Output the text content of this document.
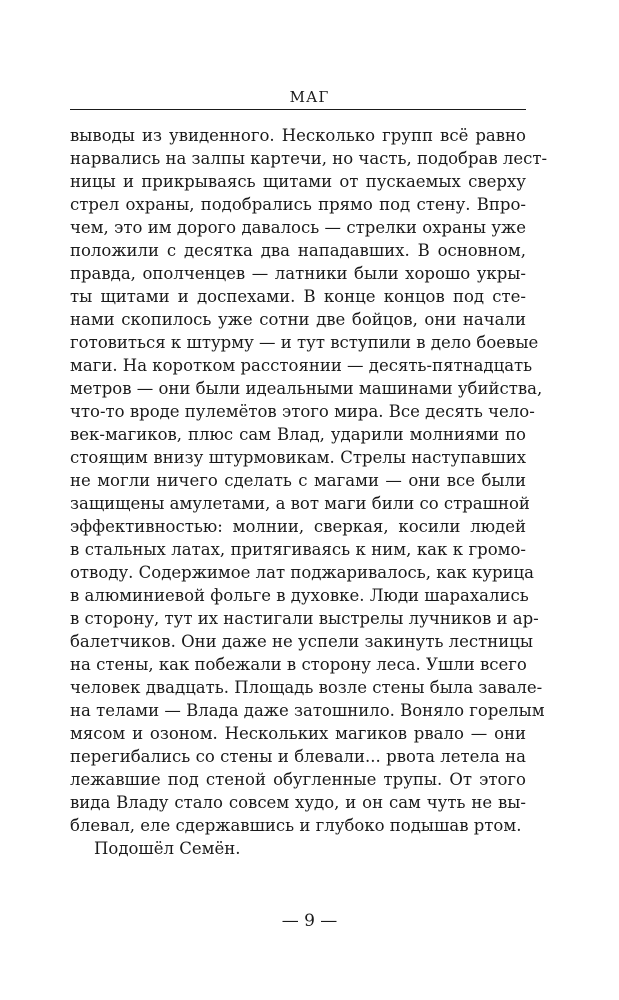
МАГ
выводы из увиденного. Несколько групп всё равно
нарвались на залпы картечи, но часть, подобрав лест-
ницы и прикрываясь щитами от пускаемых сверху
стрел охраны, подобрались прямо под стену. Впро-
чем, это им дорого давалось — стрелки охраны уже
положили с десятка два нападавших. В основном,
правда, ополченцев — латники были хорошо укры-
ты щитами и доспехами. В конце концов под сте-
нами скопилось уже сотни две бойцов, они начали
готовиться к штурму — и тут вступили в дело боевые
маги. На коротком расстоянии — десять-пятнадцать
метров — они были идеальными машинами убийства,
что-то вроде пулемётов этого мира. Все десять чело-
век-магиков, плюс сам Влад, ударили молниями по
стоящим внизу штурмовикам. Стрелы наступавших
не могли ничего сделать с магами — они все были
защищены амулетами, а вот маги били со страшной
эффективностью: молнии, сверкая, косили людей
в стальных латах, притягиваясь к ним, как к громо-
отводу. Содержимое лат поджаривалось, как курица
в алюминиевой фольге в духовке. Люди шарахались
в сторону, тут их настигали выстрелы лучников и ар-
балетчиков. Они даже не успели закинуть лестницы
на стены, как побежали в сторону леса. Ушли всего
человек двадцать. Площадь возле стены была завале-
на телами — Влада даже затошнило. Воняло горелым
мясом и озоном. Нескольких магиков рвало — они
перегибались со стены и блевали... рвота летела на
лежавшие под стеной обугленные трупы. От этого
вида Владу стало совсем худо, и он сам чуть не вы-
блевал, еле сдержавшись и глубоко подышав ртом.
Подошёл Семён.
— 9 —
